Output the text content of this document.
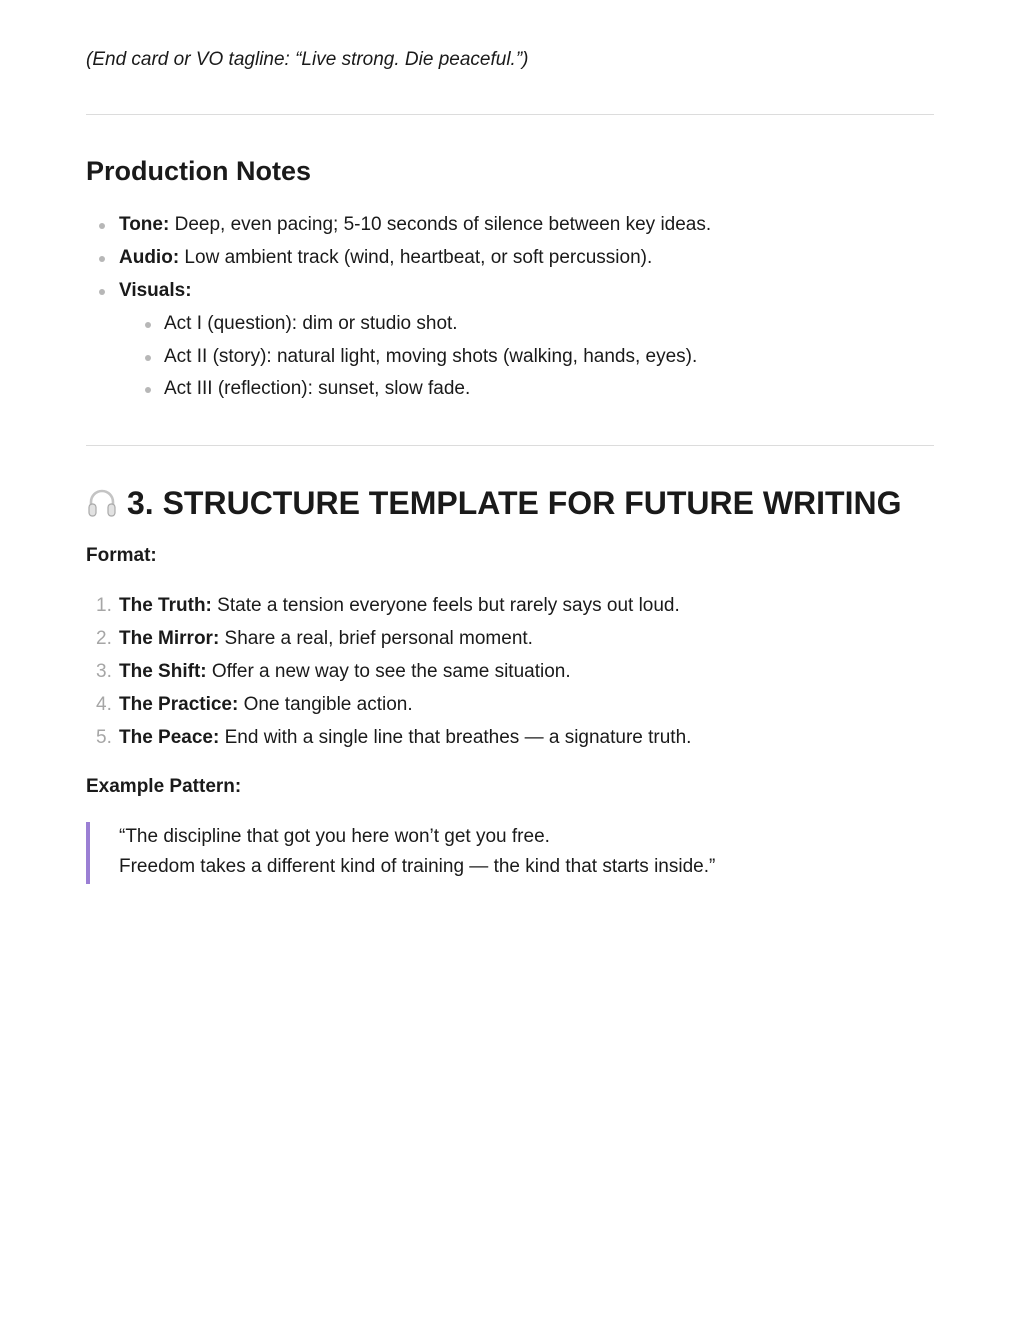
(End card or VO tagline: “Live strong. Die peaceful.”)

Production Notes
Tone: Deep, even pacing; 5-10 seconds of silence between key ideas.
Audio: Low ambient track (wind, heartbeat, or soft percussion).
Visuals:
Act I (question): dim or studio shot.
Act II (story): natural light, moving shots (walking, hands, eyes).
Act III (reflection): sunset, slow fade.
3. STRUCTURE TEMPLATE FOR FUTURE WRITING

Format:

1. The Truth: State a tension everyone feels but rarely says out loud.
2. The Mirror: Share a real, brief personal moment.
3. The Shift: Offer a new way to see the same situation.
4. The Practice: One tangible action.
5. The Peace: End with a single line that breathes — a signature truth.

Example Pattern:

“The discipline that got you here won’t get you free.
Freedom takes a different kind of training — the kind that starts inside.”
